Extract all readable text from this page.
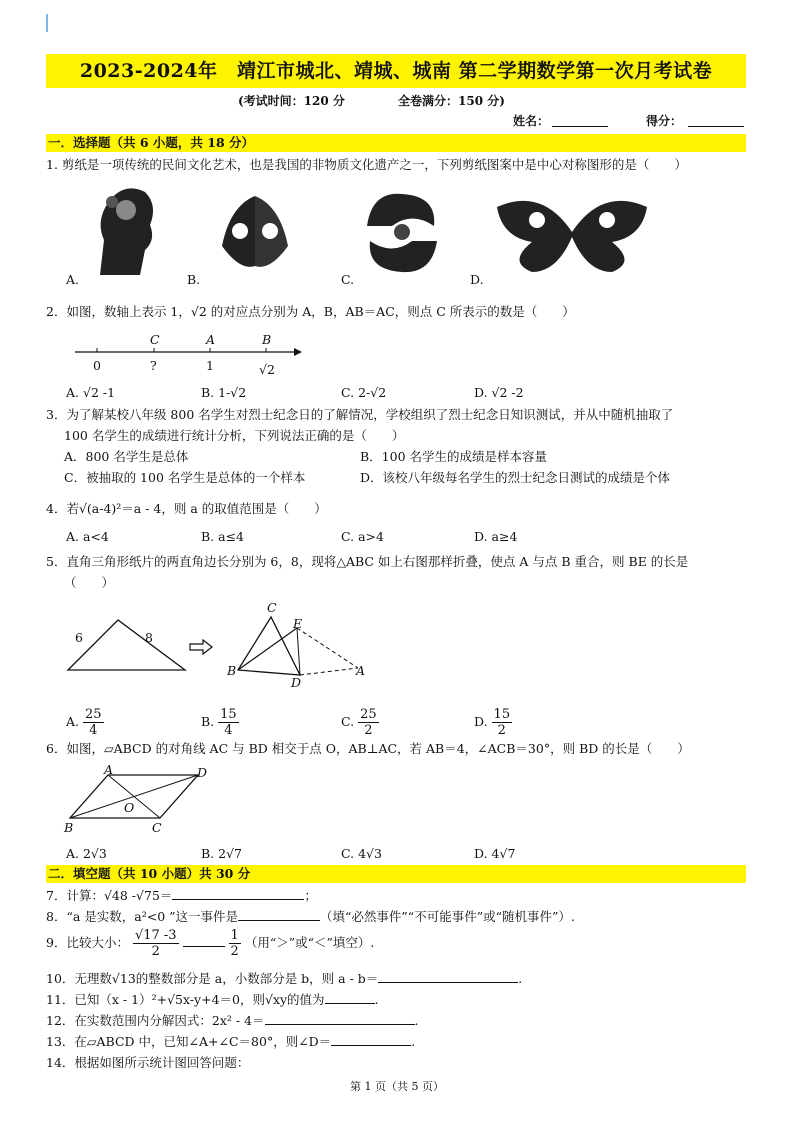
2023-2024年　靖江市城北、靖城、城南 第二学期数学第一次月考试卷
(考试时间：120 分	全卷满分：150 分)
姓名：	得分：
一．选择题（共 6 小题，共 18 分）
1. 剪纸是一项传统的民间文化艺术，也是我国的非物质文化遗产之一，下列剪纸图案中是中心对称图形的是（　　）
A.	B.	C.	D.
2．如图，数轴上表示 1，√2 的对应点分别为 A，B，AB＝AC，则点 C 所表示的数是（　　）
C	A	B
0	?	1	√2
A. √2 -1	B. 1-√2	C. 2-√2	D. √2 -2
3．为了解某校八年级 800 名学生对烈士纪念日的了解情况，学校组织了烈士纪念日知识测试，并从中随机抽取了
100 名学生的成绩进行统计分析，下列说法正确的是（　　）
A．800 名学生是总体	B．100 名学生的成绩是样本容量
C．被抽取的 100 名学生是总体的一个样本	D．该校八年级每名学生的烈士纪念日测试的成绩是个体
4．若√(a-4)²＝a - 4，则 a 的取值范围是（　　）
A. a<4	B. a≤4	C. a>4	D. a≥4
5．直角三角形纸片的两直角边长分别为 6，8，现将△ABC 如上右图那样折叠，使点 A 与点 B 重合，则 BE 的长是
（　　）
6	8
C
E
B
D
A
A. $\frac{25}{4}$	B. $\frac{15}{4}$	C. $\frac{25}{2}$	D. $\frac{15}{2}$
6．如图，▱ABCD 的对角线 AC 与 BD 相交于点 O，AB⊥AC，若 AB＝4，∠ACB＝30°，则 BD 的长是（　　）
A	D
O
B	C
A. 2√3	B. 2√7	C. 4√3	D. 4√7
二．填空题（共 10 小题）共 30 分
7．计算：√48 -√75＝	；
8．“a 是实数，a²<0 ”这一事件是	（填“必然事件”“不可能事件”或“随机事件”）.
9．比较大小： $\frac{√17 -3}{2}$
	$\frac{1}{2}$ （用“＞”或“＜”填空）.
10．无理数√13的整数部分是 a，小数部分是 b，则 a - b＝	.
11．已知（x - 1）²+√5x-y+4＝0，则√xy的值为	.
12．在实数范围内分解因式：2x² - 4＝	.
13．在▱ABCD 中，已知∠A+∠C＝80°，则∠D＝	.
14．根据如图所示统计图回答问题：
第 1 页（共 5 页）
